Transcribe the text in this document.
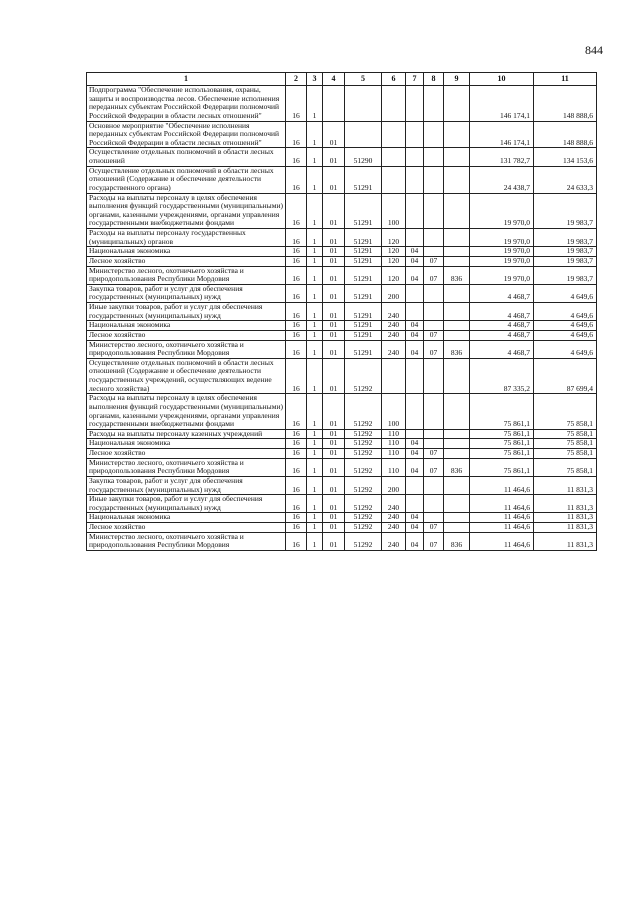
844
1	2	3	4	5	6	7	8	9	10	11
Подпрограмма "Обеспечение использования, охраны, защиты и воспроизводства лесов. Обеспечение исполнения переданных субъектам Российской Федерации полномочий Российской Федерации в области лесных отношений"	16	1							146 174,1	148 888,6
Основное мероприятие "Обеспечение исполнения переданных субъектам Российской Федерации полномочий Российской Федерации в области лесных отношений"	16	1	01						146 174,1	148 888,6
Осуществление отдельных полномочий в области лесных отношений	16	1	01	51290					131 782,7	134 153,6
Осуществление отдельных полномочий в области лесных отношений (Содержание и обеспечение деятельности государственного органа)	16	1	01	51291					24 438,7	24 633,3
Расходы на выплаты персоналу в целях обеспечения выполнения функций государственными (муниципальными) органами, казенными учреждениями, органами управления государственными внебюджетными фондами	16	1	01	51291	100				19 970,0	19 983,7
Расходы на выплаты персоналу государственных (муниципальных) органов	16	1	01	51291	120				19 970,0	19 983,7
Национальная экономика	16	1	01	51291	120	04			19 970,0	19 983,7
Лесное хозяйство	16	1	01	51291	120	04	07		19 970,0	19 983,7
Министерство лесного, охотничьего хозяйства и природопользования Республики Мордовия	16	1	01	51291	120	04	07	836	19 970,0	19 983,7
Закупка товаров, работ и услуг для обеспечения государственных (муниципальных) нужд	16	1	01	51291	200				4 468,7	4 649,6
Иные закупки товаров, работ и услуг для обеспечения государственных (муниципальных) нужд	16	1	01	51291	240				4 468,7	4 649,6
Национальная экономика	16	1	01	51291	240	04			4 468,7	4 649,6
Лесное хозяйство	16	1	01	51291	240	04	07		4 468,7	4 649,6
Министерство лесного, охотничьего хозяйства и природопользования Республики Мордовия	16	1	01	51291	240	04	07	836	4 468,7	4 649,6
Осуществление отдельных полномочий в области лесных отношений (Содержание и обеспечение деятельности государственных учреждений, осуществляющих ведение лесного хозяйства)	16	1	01	51292					87 335,2	87 699,4
Расходы на выплаты персоналу в целях обеспечения выполнения функций государственными (муниципальными) органами, казенными учреждениями, органами управления государственными внебюджетными фондами	16	1	01	51292	100				75 861,1	75 858,1
Расходы на выплаты персоналу казенных учреждений	16	1	01	51292	110				75 861,1	75 858,1
Национальная экономика	16	1	01	51292	110	04			75 861,1	75 858,1
Лесное хозяйство	16	1	01	51292	110	04	07		75 861,1	75 858,1
Министерство лесного, охотничьего хозяйства и природопользования Республики Мордовия	16	1	01	51292	110	04	07	836	75 861,1	75 858,1
Закупка товаров, работ и услуг для обеспечения государственных (муниципальных) нужд	16	1	01	51292	200				11 464,6	11 831,3
Иные закупки товаров, работ и услуг для обеспечения государственных (муниципальных) нужд	16	1	01	51292	240				11 464,6	11 831,3
Национальная экономика	16	1	01	51292	240	04			11 464,6	11 831,3
Лесное хозяйство	16	1	01	51292	240	04	07		11 464,6	11 831,3
Министерство лесного, охотничьего хозяйства и природопользования Республики Мордовия	16	1	01	51292	240	04	07	836	11 464,6	11 831,3
